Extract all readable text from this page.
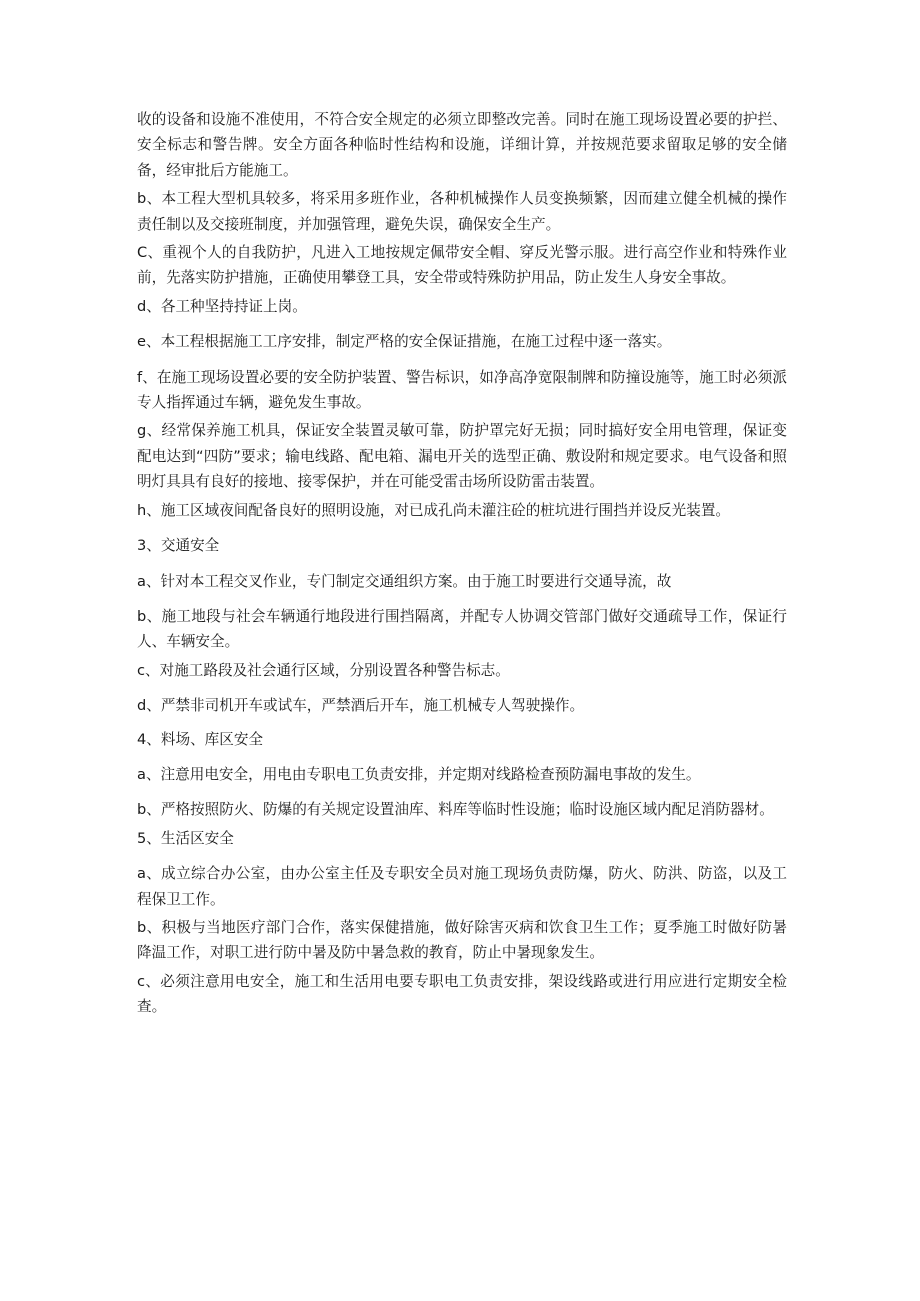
收的设备和设施不准使用，不符合安全规定的必须立即整改完善。同时在施工现场设置必要的护拦、安全标志和警告牌。安全方面各种临时性结构和设施，详细计算，并按规范要求留取足够的安全储备，经审批后方能施工。

b、本工程大型机具较多，将采用多班作业，各种机械操作人员变换频繁，因而建立健全机械的操作责任制以及交接班制度，并加强管理，避免失误，确保安全生产。

C、重视个人的自我防护，凡进入工地按规定佩带安全帽、穿反光警示服。进行高空作业和特殊作业前，先落实防护措施，正确使用攀登工具，安全带或特殊防护用品，防止发生人身安全事故。

d、各工种坚持持证上岗。

e、本工程根据施工工序安排，制定严格的安全保证措施，在施工过程中逐一落实。

f、在施工现场设置必要的安全防护装置、警告标识，如净高净宽限制牌和防撞设施等，施工时必须派专人指挥通过车辆，避免发生事故。

g、经常保养施工机具，保证安全装置灵敏可靠，防护罩完好无损；同时搞好安全用电管理，保证变配电达到“四防”要求；输电线路、配电箱、漏电开关的选型正确、敷设附和规定要求。电气设备和照明灯具具有良好的接地、接零保护，并在可能受雷击场所设防雷击装置。

h、施工区域夜间配备良好的照明设施，对已成孔尚未灌注砼的桩坑进行围挡并设反光装置。

3、交通安全

a、针对本工程交叉作业，专门制定交通组织方案。由于施工时要进行交通导流，故

b、施工地段与社会车辆通行地段进行围挡隔离，并配专人协调交管部门做好交通疏导工作，保证行人、车辆安全。

c、对施工路段及社会通行区域，分别设置各种警告标志。

d、严禁非司机开车或试车，严禁酒后开车，施工机械专人驾驶操作。

4、料场、库区安全

a、注意用电安全，用电由专职电工负责安排，并定期对线路检查预防漏电事故的发生。

b、严格按照防火、防爆的有关规定设置油库、料库等临时性设施；临时设施区域内配足消防器材。

5、生活区安全

a、成立综合办公室，由办公室主任及专职安全员对施工现场负责防爆，防火、防洪、防盗，以及工程保卫工作。

b、积极与当地医疗部门合作，落实保健措施，做好除害灭病和饮食卫生工作；夏季施工时做好防暑降温工作，对职工进行防中暑及防中暑急救的教育，防止中暑现象发生。

c、必须注意用电安全，施工和生活用电要专职电工负责安排，架设线路或进行用应进行定期安全检查。
